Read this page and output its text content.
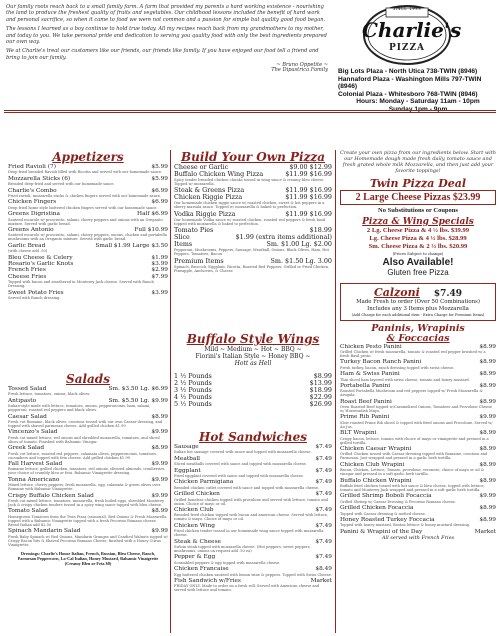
Our family roots reach back to a small family farm. A farm that provided my parents a hard working existence - nourishing the land to produce the freshest quality of fruits and vegetables. Our childhood lessons included the benefit of hard work and personal sacrifice, so when it came to food we were not common and a passion for simple but quality good food began.

The lessons I learned as a boy continue to hold true today. All my recipes reach back from my grandmothers to my mother, and today to you. We take personal pride and dedication to serving you quality food with only the best ingredients prepared our own way.

We at Charlie's treat our customers like our friends, our friends like family. If you have enjoyed our food tell a friend and bring to join our family.

~ Bruno Oppetite ~
The Dipastrica Family
SINCE 1999
Charlie's
PIZZA
Big Lots Plaza - North Utica 738-TWIN (8946)
Hannaford Plaza - Washington Mills 797-TWIN (8946)
Colonial Plaza - Whitesboro 768-TWIN (8946)
Hours: Monday - Saturday 11am - 10pm
Sunday 1pm - 9pm
Appetizers
Fried Ravioli (7)	$5.99
Deep fried breaded Ravioli filled with Ricotta and served with our homemade sauce.
Mozzarella Sticks (6)	$5.99
Breaded deep-fried and served with our homemade sauce.
Charlie's Combo	$6.99
Fried ravioli, mozzarella sticks & chicken fingers served with our homemade sauce.
Chicken Fingers	$6.99
Deep fried home style battered chicken fingers served with our homemade sauce.
Greens Digristina	Half $6.99
Sauteed escarole w/ prosciutto, salami, cherry peppers and onions with an Oreganto mixture. Served with garlic bread.
Greens Antonio	Full $10.99
Sauteed escarole w/ prosciutto, salami, cherry peppers, onions, chicken and portabella mushrooms with an Oreganto mixture. Served with garlic bread.
Garlic Bread	Small $1.99 Large $3.50
(with cheese add .50)
Bleu Cheese & Celery	$1.99
Rosario's Garlic Knots	$3.99
French Fries	$2.99
Cheese Fries	$7.99
Topped with bacon and smothered in Monterey Jack cheese. Served with Ranch Dressing.
Sweet Potato Fries	$3.99
Served with Ranch dressing.
Salads
Tossed Salad	Sm. $3.50 Lg. $6.99
Fresh lettuce, tomatoes, onions, black olives.
Antipasto	Sm. $5.50 Lg. $9.99
Italian-style made with lettuce, tomatoes, onions, pepperoncinis, ham, salami, pepperoni, roasted red peppers and black olives.
Caesar Salad	$8.99
Fresh cut Romaine, black olives, croutons tossed with our own Caesar dressing, and topped with shaved parmesan cheese. Add grilled chicken $1.99
Vincenzo's Salad	$9.99
Fresh cut mixed lettuce, red onions and shredded mozzarella, tomatoes, and sliced slices of tomato. Finished with Balsamic Vinegar.
Greek Salad	$8.99
Fresh cut lettuce, roasted red peppers, calamata olives, pepperoncinis, tomatoes, cucumbers and topped with feta cheese. Add grilled chicken $1.99
Fall Harvest Salad	$9.99
Romaine lettuce, grilled chicken, tomatoes, red onions, slivered almonds, cranberries, your choice of crumbly bleu or feta. Balsamic Vinaigrette dressing.
Tonna Americano	$9.99
Mixed lettuce, cherry peppers, fresh mozzarella, egg, calamata & green olives over Romaine with Balsamic Vinaigrette.
Crispy Buffalo Chicken Salad	$9.99
Fresh cut mixed lettuce, tomatoes, mozzarella, fresh boiled eggs, shredded Monterey Jack & crispy chicken tenders tossed in a spicy wing sauce topped with bleu cheese.
Tomato Salad	$8.99
Homegrown Tomatoes from the Twin Pizza (seasonal), Red Onions & Fresh Mozzarella topped with a Balsamic Vinaigrette topped with a fresh Pecorino Romano cheese. Bread Italian add $2.50
Spinach Mandarin Salad	$9.99
Fresh Baby Spinach w/ Red Onions, Mandarin Oranges and Candied Walnuts topped w/ Crispy Bacon bits & Shaved Pecorino Romano Cheese, finished with a Honey Citrus Vinaigrette.
Dressings: Charlie's House Italian, French, Russian, Bleu Cheese, Ranch,
Parmesan Peppercorn, Lo-Cal Italian, Honey Mustard, Balsamic Vinaigrette
(Creamy Bleu or Feta $0)
Build Your Own Pizza
Cheese or Garlic	$9.00 $12.99
Buffalo Chicken Wing Pizza	$11.99 $16.99
Spicy tender breaded chicken chunks tossed in wing sauce & creamy bleu cheese. Topped w/ mozzarella.
Steak & Greens Pizza	$11.99 $16.99
Chicken Riggie Pizza	$11.99 $16.99
Our homemade chicken riggie sauce w/ roasted chicken, sweet & hot peppers in a sherry marsala sauce. Topped w/ mozzarella & baked to perfection.
Vodka Riggie Pizza	$11.99 $16.99
Our homemade Vodka sauce w/ roasted chicken, roasted red peppers & fresh basil topped with mozzarella & baked to perfection.
Tomato Pies	$18.99
Slice	$1.99 (extra items additional)
Items	Sm. $1.00 Lg. $2.00
Pepperoni, Mushrooms, Peppers, Sausage, Meatball, Onions, Black Olives, Ham, Hot Peppers, Tomatoes, Bacon
Premium Items	Sm. $1.50 Lg. 3.00
Spinach, Broccoli, Eggplant, Ricotta, Roasted Red Peppers, Grilled or Fried Chicken, Pineapple, Anchovies, & Cheese
Buffalo Style Wings
Mild ~ Medium ~ Hot ~ BBQ ~
Fiorini's Italian Style ~ Honey BBQ ~
Hott as Hell
1 ½ Pounds	$8.99
2 ½ Pounds	$13.99
3 ½ Pounds	$18.99
4 ½ Pounds	$22.99
5 ½ Pounds	$26.99
Hot Sandwiches
Sausage	$7.49
Italian hot sausage covered with sauce and topped with mozzarella cheese.
Meatball	$7.49
Sliced meatballs covered with sauce and topped with mozzarella cheese.
Eggplant	$7.49
Fried eggplant covered with sauce and topped with mozzarella cheese.
Chicken Parmigiana	$7.49
Breaded chicken cutlet covered with sauce and topped with mozzarella cheese.
Grilled Chicken	$7.49
Grilled boneless chicken topped with provolone and served with lettuce, tomato and onion. Choice of mayo or oil.
Chicken Club	$7.49
Breaded fried chicken topped with bacon and american cheese. Served with lettuce, tomato & mayo. Choice of mayo or oil.
Chicken Wing	$7.49
Fried chicken tender tossed in our homemade wing sauce topped with mozzarella cheese.
Steak & Cheese	$7.49
Sirloin steak topped with mozzarella cheese. (Hot peppers, sweet peppers, mushrooms, onions on request add .50 ea)
Pepper & Egg	$7.49
Scrambled peppers & egg topped with mozzarella cheese.
Chicken Francaise	$8.49
Egg battered chicken sauteed with lemon wine & peppers. Topped with Swiss Cheese.
Fish Sandwich w/Fries	Market
FRIDAY ONLY. Made to order on a fresh roll. Served with American cheese and served with lettuce and tomato.
Create your own pizza from our ingredients below. Start with our Homemade dough made fresh daily, tomato sauce and fresh grated whole milk Mozzarella, and then just add your favorite toppings!
Twin Pizza Deal
2 Large Cheese Pizzas $23.99
No Substitutions or Coupons
Pizza & Wing Specials
2 Lg. Cheese Pizza & 4 ½ lbs. $39.99
Lg. Cheese Pizza & 4 ½ lbs. $28.99
Sm. Cheese Pizza & 2 ½ lbs. $20.99
(Prices Subject to change)
Also Available!
Gluten free Pizza
Calzoni $7.49
Made Fresh to order (Over 50 Combinations)
Includes any 3 Items plus Mozzarella
(Add Charge for each additional item - Extra Charge for Premium Items)
Paninis, Wrapinis
& Foccacias
Chicken Pesto Panini	$8.99
Grilled Chicken w/ fresh mozzarella, tomato & roasted red pepper brushed w/ a fresh Basil pesto.
Turkey Bacon Ranch Panini	$8.99
Fresh turkey, bacon, ranch dressing topped with swiss cheese.
Ham & Swiss Panini	$8.99
Thin sliced ham layered with swiss cheese, tomato and honey mustard.
Portabella Panini	$8.99
Roasted Portabella Mushroom and red peppers topped w/ Fresh Mozzarella & Arugula.
Roast Beef Panini	$8.99
Oven Roasted Beef topped w/Caramelized Onions, Tomatoes and Provolone Cheese w/ Horseradish Mayo.
Prime Rib Panini	$9.99
Slow roasted Prime Rib sliced & topped with fried onions and Provolone. Served w/ Au Jus.
BLT Wrapini	$8.99
Crispy bacon, lettuce, tomato with choice of mayo or vinaigrette and pressed in a grilled tortilla.
Chicken Caesar Wrapini	$8.99
Grilled Chicken tossed with Caesar dressing topped with Romaine, croutons and Parmesan. Just wrapped and pressed in a garlic herb tortilla.
Chicken Club Wrapini	$8.99
Bacon, Chicken, Lettuce, Tomato, provolone, veronese, choice of mayo or oil & vinegar and pressed in a soft garlic herb tortilla.
Buffalo Chicken Wrapini	$8.99
Buffalo fried chicken tossed with hot sauce & bleu cheese, topped with lettuce, tomato and Monterey Jack wrapped and pressed in a soft garlic herb tortilla.
Grilled Shrimp Boboli Focaccia	$9.99
Grilled Shrimp w/ Caesar Dressing & Pecorino Romano cheese.
Grilled Chicken Focaccia	$8.99
Topped with Caesar dressing & melted cheese.
Honey Roasted Turkey Foccacia	$8.99
Topped with honey mustard, Boston lettuce & honey mustard dressing.
Panini & Wrapini of the Day	Market
All served with French Fries
